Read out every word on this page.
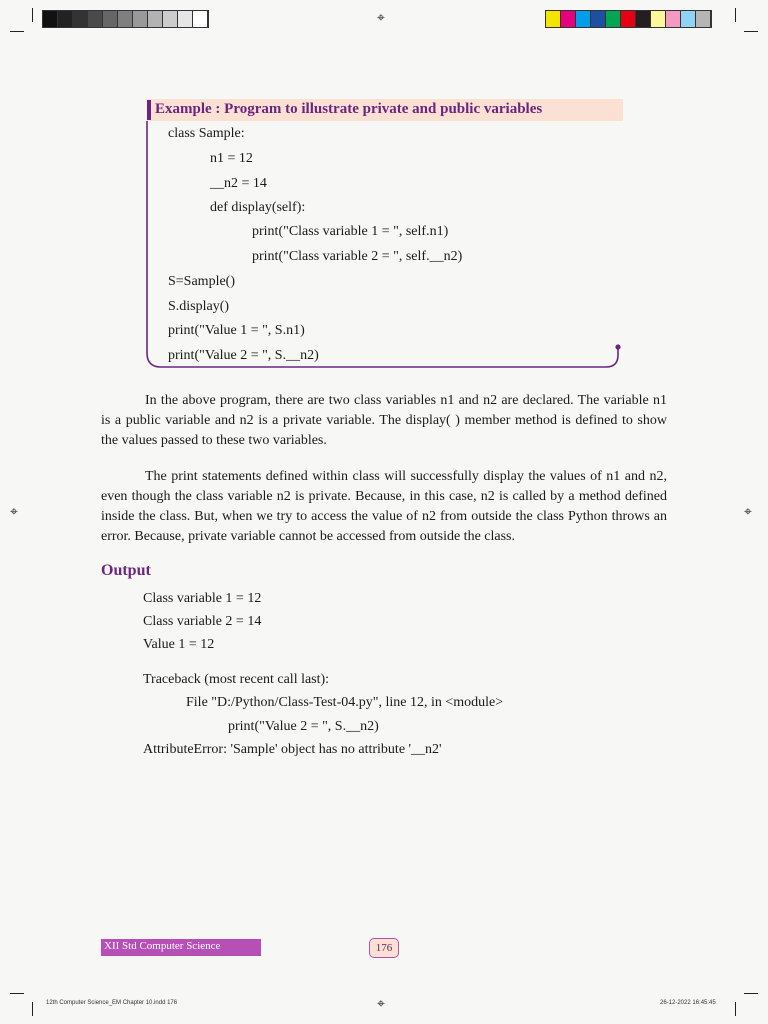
⌖
⌖	⌖
⌖
Example : Program to illustrate private and public variables
class Sample:
n1 = 12
__n2 = 14
def display(self):
print("Class variable 1 = ", self.n1)
print("Class variable 2 = ", self.__n2)
S=Sample()
S.display()
print("Value 1 = ", S.n1)
print("Value 2 = ", S.__n2)

In the above program, there are two class variables n1 and n2 are declared. The variable n1 is a public variable and n2 is a private variable. The display( ) member method is defined to show the values passed to these two variables.

The print statements defined within class will successfully display the values of n1 and n2, even though the class variable n2 is private. Because, in this case, n2 is called by a method defined inside the class. But, when we try to access the value of n2 from outside the class Python throws an error. Because, private variable cannot be accessed from outside the class.

Output
Class variable 1 = 12
Class variable 2 = 14
Value 1 = 12
Traceback (most recent call last):
File "D:/Python/Class-Test-04.py", line 12, in <module>
print("Value 2 = ", S.__n2)
AttributeError: 'Sample' object has no attribute '__n2'
XII Std Computer Science	176
12th Computer Science_EM Chapter 10.indd 176	26-12-2022 16:45:45
